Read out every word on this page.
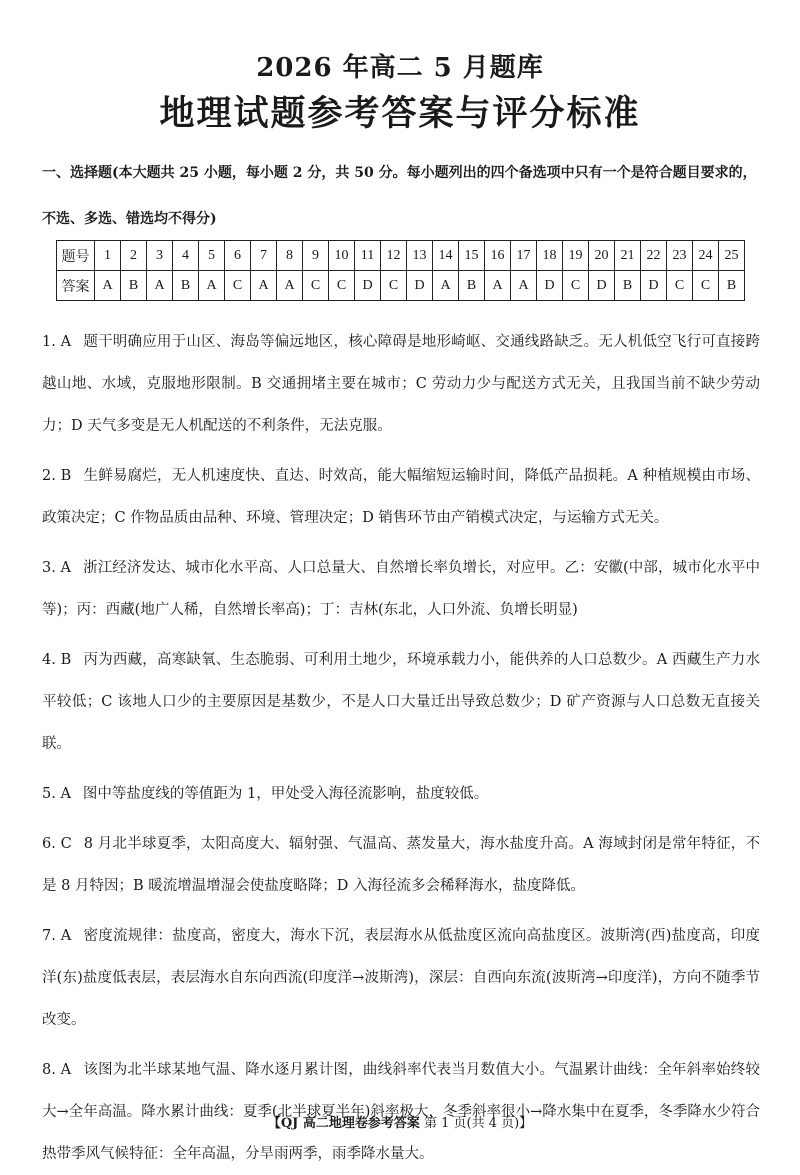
2026 年高二 5 月题库
地理试题参考答案与评分标准
一、选择题(本大题共 25 小题，每小题 2 分，共 50 分。每小题列出的四个备选项中只有一个是符合题目要求的，不选、多选、错选均不得分)
题号	1	2	3	4	5	6	7	8	9	10	11	12	13	14	15	16	17	18	19	20	21	22	23	24	25
答案	A	B	A	B	A	C	A	A	C	C	D	C	D	A	B	A	A	D	C	D	B	D	C	C	B

1. A 题干明确应用于山区、海岛等偏远地区，核心障碍是地形崎岖、交通线路缺乏。无人机低空飞行可直接跨越山地、水域，克服地形限制。B 交通拥堵主要在城市；C 劳动力少与配送方式无关，且我国当前不缺少劳动力；D 天气多变是无人机配送的不利条件，无法克服。

2. B 生鲜易腐烂，无人机速度快、直达、时效高，能大幅缩短运输时间，降低产品损耗。A 种植规模由市场、政策决定；C 作物品质由品种、环境、管理决定；D 销售环节由产销模式决定，与运输方式无关。

3. A 浙江经济发达、城市化水平高、人口总量大、自然增长率负增长，对应甲。乙：安徽(中部，城市化水平中等)；丙：西藏(地广人稀，自然增长率高)；丁：吉林(东北，人口外流、负增长明显)

4. B 丙为西藏，高寒缺氧、生态脆弱、可利用土地少，环境承载力小，能供养的人口总数少。A 西藏生产力水平较低；C 该地人口少的主要原因是基数少，不是人口大量迁出导致总数少；D 矿产资源与人口总数无直接关联。

5. A 图中等盐度线的等值距为 1，甲处受入海径流影响，盐度较低。

6. C 8 月北半球夏季，太阳高度大、辐射强、气温高、蒸发量大，海水盐度升高。A 海域封闭是常年特征，不是 8 月特因；B 暖流增温增湿会使盐度略降；D 入海径流多会稀释海水，盐度降低。

7. A 密度流规律：盐度高，密度大，海水下沉，表层海水从低盐度区流向高盐度区。波斯湾(西)盐度高，印度洋(东)盐度低表层，表层海水自东向西流(印度洋→波斯湾)，深层：自西向东流(波斯湾→印度洋)，方向不随季节改变。

8. A 该图为北半球某地气温、降水逐月累计图，曲线斜率代表当月数值大小。气温累计曲线：全年斜率始终较大→全年高温。降水累计曲线：夏季(北半球夏半年)斜率极大，冬季斜率很小→降水集中在夏季，冬季降水少符合热带季风气候特征：全年高温，分旱雨两季，雨季降水量大。

【QJ 高二地理卷参考答案 第 1 页(共 4 页)】
